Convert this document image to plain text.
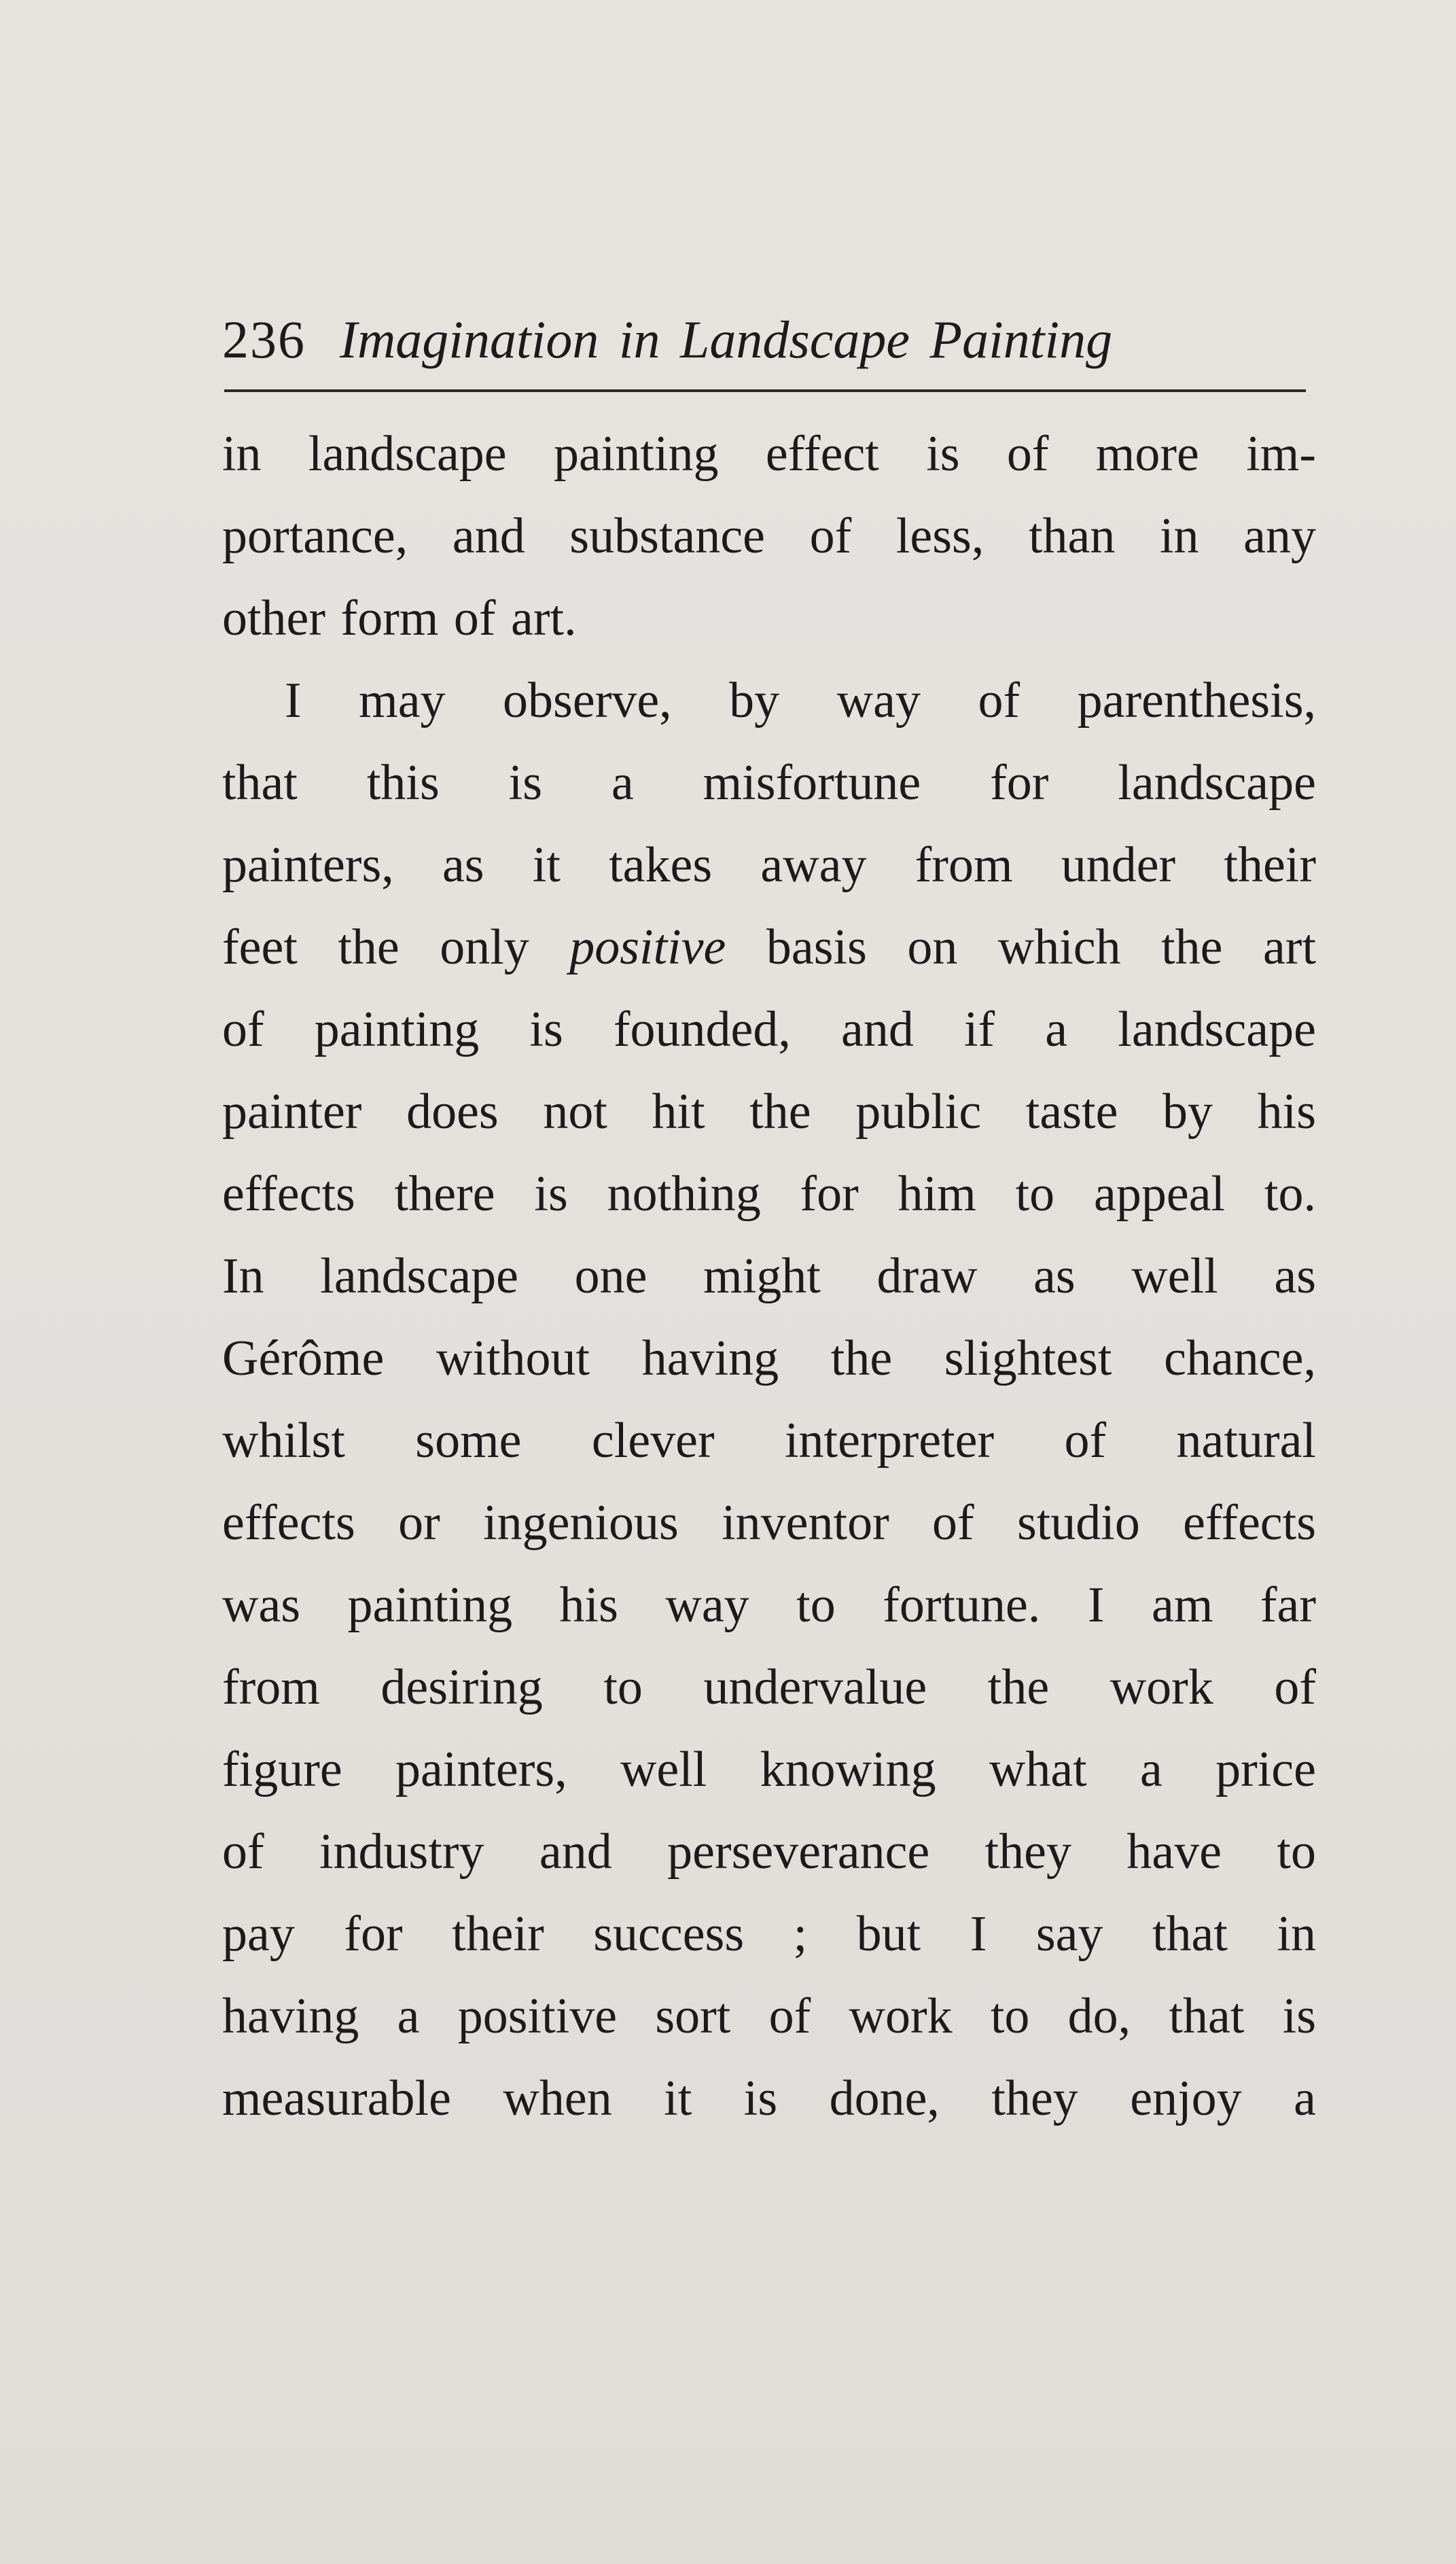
236 Imagination in Landscape Painting
in landscape painting effect is of more im-
portance, and substance of less, than in any
other form of art.
I may observe, by way of parenthesis,
that this is a misfortune for landscape
painters, as it takes away from under their
feet the only positive basis on which the art
of painting is founded, and if a landscape
painter does not hit the public taste by his
effects there is nothing for him to appeal to.
In landscape one might draw as well as
Gérôme without having the slightest chance,
whilst some clever interpreter of natural
effects or ingenious inventor of studio effects
was painting his way to fortune. I am far
from desiring to undervalue the work of
figure painters, well knowing what a price
of industry and perseverance they have to
pay for their success ; but I say that in
having a positive sort of work to do, that is
measurable when it is done, they enjoy a
